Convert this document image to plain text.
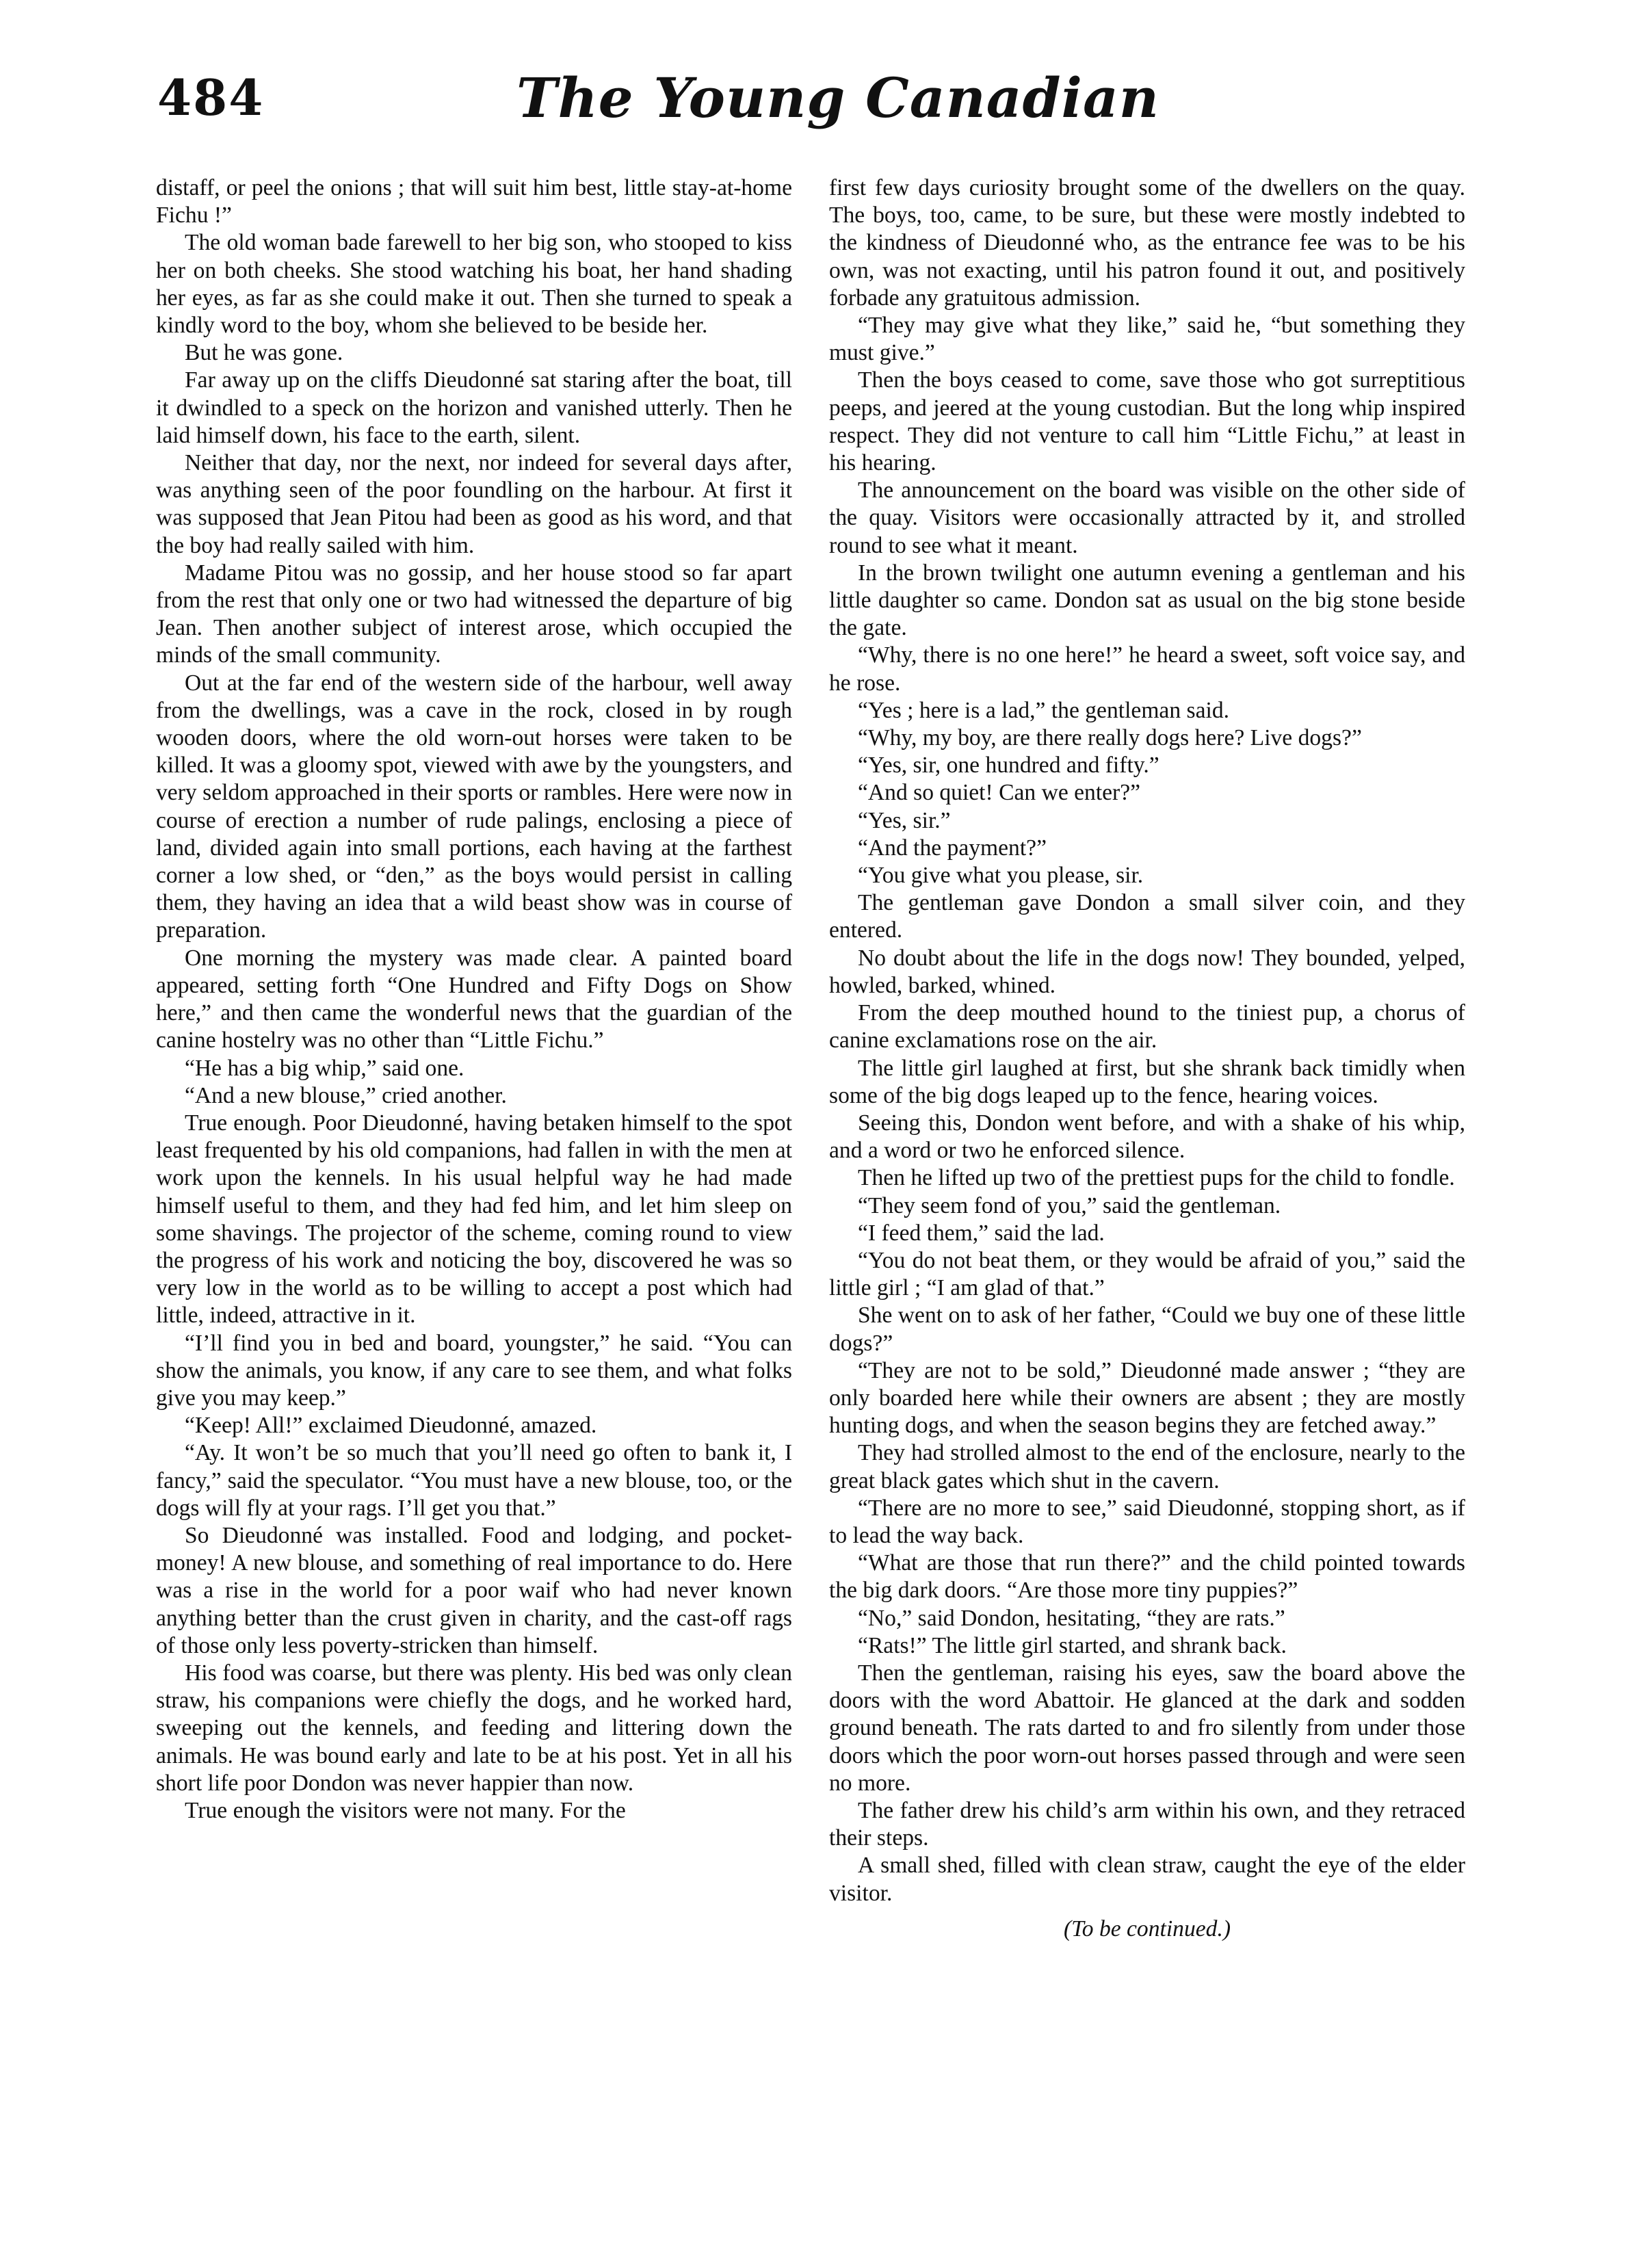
484	The Young Canadian

distaff, or peel the onions ; that will suit him best, little stay-at-home Fichu !”

The old woman bade farewell to her big son, who stooped to kiss her on both cheeks. She stood watching his boat, her hand shading her eyes, as far as she could make it out. Then she turned to speak a kindly word to the boy, whom she believed to be beside her.

But he was gone.

Far away up on the cliffs Dieudonné sat staring after the boat, till it dwindled to a speck on the horizon and vanished utterly. Then he laid himself down, his face to the earth, silent.

Neither that day, nor the next, nor indeed for several days after, was anything seen of the poor foundling on the harbour. At first it was supposed that Jean Pitou had been as good as his word, and that the boy had really sailed with him.

Madame Pitou was no gossip, and her house stood so far apart from the rest that only one or two had witnessed the departure of big Jean. Then another subject of interest arose, which occupied the minds of the small community.

Out at the far end of the western side of the harbour, well away from the dwellings, was a cave in the rock, closed in by rough wooden doors, where the old worn-out horses were taken to be killed. It was a gloomy spot, viewed with awe by the youngsters, and very seldom approached in their sports or rambles. Here were now in course of erection a number of rude palings, enclosing a piece of land, divided again into small portions, each having at the farthest corner a low shed, or “den,” as the boys would persist in calling them, they having an idea that a wild beast show was in course of preparation.

One morning the mystery was made clear. A painted board appeared, setting forth “One Hundred and Fifty Dogs on Show here,” and then came the wonderful news that the guardian of the canine hostelry was no other than “Little Fichu.”

“He has a big whip,” said one.

“And a new blouse,” cried another.

True enough. Poor Dieudonné, having betaken himself to the spot least frequented by his old companions, had fallen in with the men at work upon the kennels. In his usual helpful way he had made himself useful to them, and they had fed him, and let him sleep on some shavings. The projector of the scheme, coming round to view the progress of his work and noticing the boy, discovered he was so very low in the world as to be willing to accept a post which had little, indeed, attractive in it.

“I’ll find you in bed and board, youngster,” he said. “You can show the animals, you know, if any care to see them, and what folks give you may keep.”

“Keep! All!” exclaimed Dieudonné, amazed.

“Ay. It won’t be so much that you’ll need go often to bank it, I fancy,” said the speculator. “You must have a new blouse, too, or the dogs will fly at your rags. I’ll get you that.”

So Dieudonné was installed. Food and lodging, and pocket-money! A new blouse, and something of real importance to do. Here was a rise in the world for a poor waif who had never known anything better than the crust given in charity, and the cast-off rags of those only less poverty-stricken than himself.

His food was coarse, but there was plenty. His bed was only clean straw, his companions were chiefly the dogs, and he worked hard, sweeping out the kennels, and feeding and littering down the animals. He was bound early and late to be at his post. Yet in all his short life poor Dondon was never happier than now.

True enough the visitors were not many. For the

first few days curiosity brought some of the dwellers on the quay. The boys, too, came, to be sure, but these were mostly indebted to the kindness of Dieudonné who, as the entrance fee was to be his own, was not exacting, until his patron found it out, and positively forbade any gratuitous admission.

“They may give what they like,” said he, “but something they must give.”

Then the boys ceased to come, save those who got surreptitious peeps, and jeered at the young custodian. But the long whip inspired respect. They did not venture to call him “Little Fichu,” at least in his hearing.

The announcement on the board was visible on the other side of the quay. Visitors were occasionally attracted by it, and strolled round to see what it meant.

In the brown twilight one autumn evening a gentleman and his little daughter so came. Dondon sat as usual on the big stone beside the gate.

“Why, there is no one here!” he heard a sweet, soft voice say, and he rose.

“Yes ; here is a lad,” the gentleman said.

“Why, my boy, are there really dogs here? Live dogs?”

“Yes, sir, one hundred and fifty.”

“And so quiet! Can we enter?”

“Yes, sir.”

“And the payment?”

“You give what you please, sir.

The gentleman gave Dondon a small silver coin, and they entered.

No doubt about the life in the dogs now! They bounded, yelped, howled, barked, whined.

From the deep mouthed hound to the tiniest pup, a chorus of canine exclamations rose on the air.

The little girl laughed at first, but she shrank back timidly when some of the big dogs leaped up to the fence, hearing voices.

Seeing this, Dondon went before, and with a shake of his whip, and a word or two he enforced silence.

Then he lifted up two of the prettiest pups for the child to fondle.

“They seem fond of you,” said the gentleman.

“I feed them,” said the lad.

“You do not beat them, or they would be afraid of you,” said the little girl ; “I am glad of that.”

She went on to ask of her father, “Could we buy one of these little dogs?”

“They are not to be sold,” Dieudonné made answer ; “they are only boarded here while their owners are absent ; they are mostly hunting dogs, and when the season begins they are fetched away.”

They had strolled almost to the end of the enclosure, nearly to the great black gates which shut in the cavern.

“There are no more to see,” said Dieudonné, stopping short, as if to lead the way back.

“What are those that run there?” and the child pointed towards the big dark doors. “Are those more tiny puppies?”

“No,” said Dondon, hesitating, “they are rats.”

“Rats!” The little girl started, and shrank back.

Then the gentleman, raising his eyes, saw the board above the doors with the word Abattoir. He glanced at the dark and sodden ground beneath. The rats darted to and fro silently from under those doors which the poor worn-out horses passed through and were seen no more.

The father drew his child’s arm within his own, and they retraced their steps.

A small shed, filled with clean straw, caught the eye of the elder visitor.

(To be continued.)
